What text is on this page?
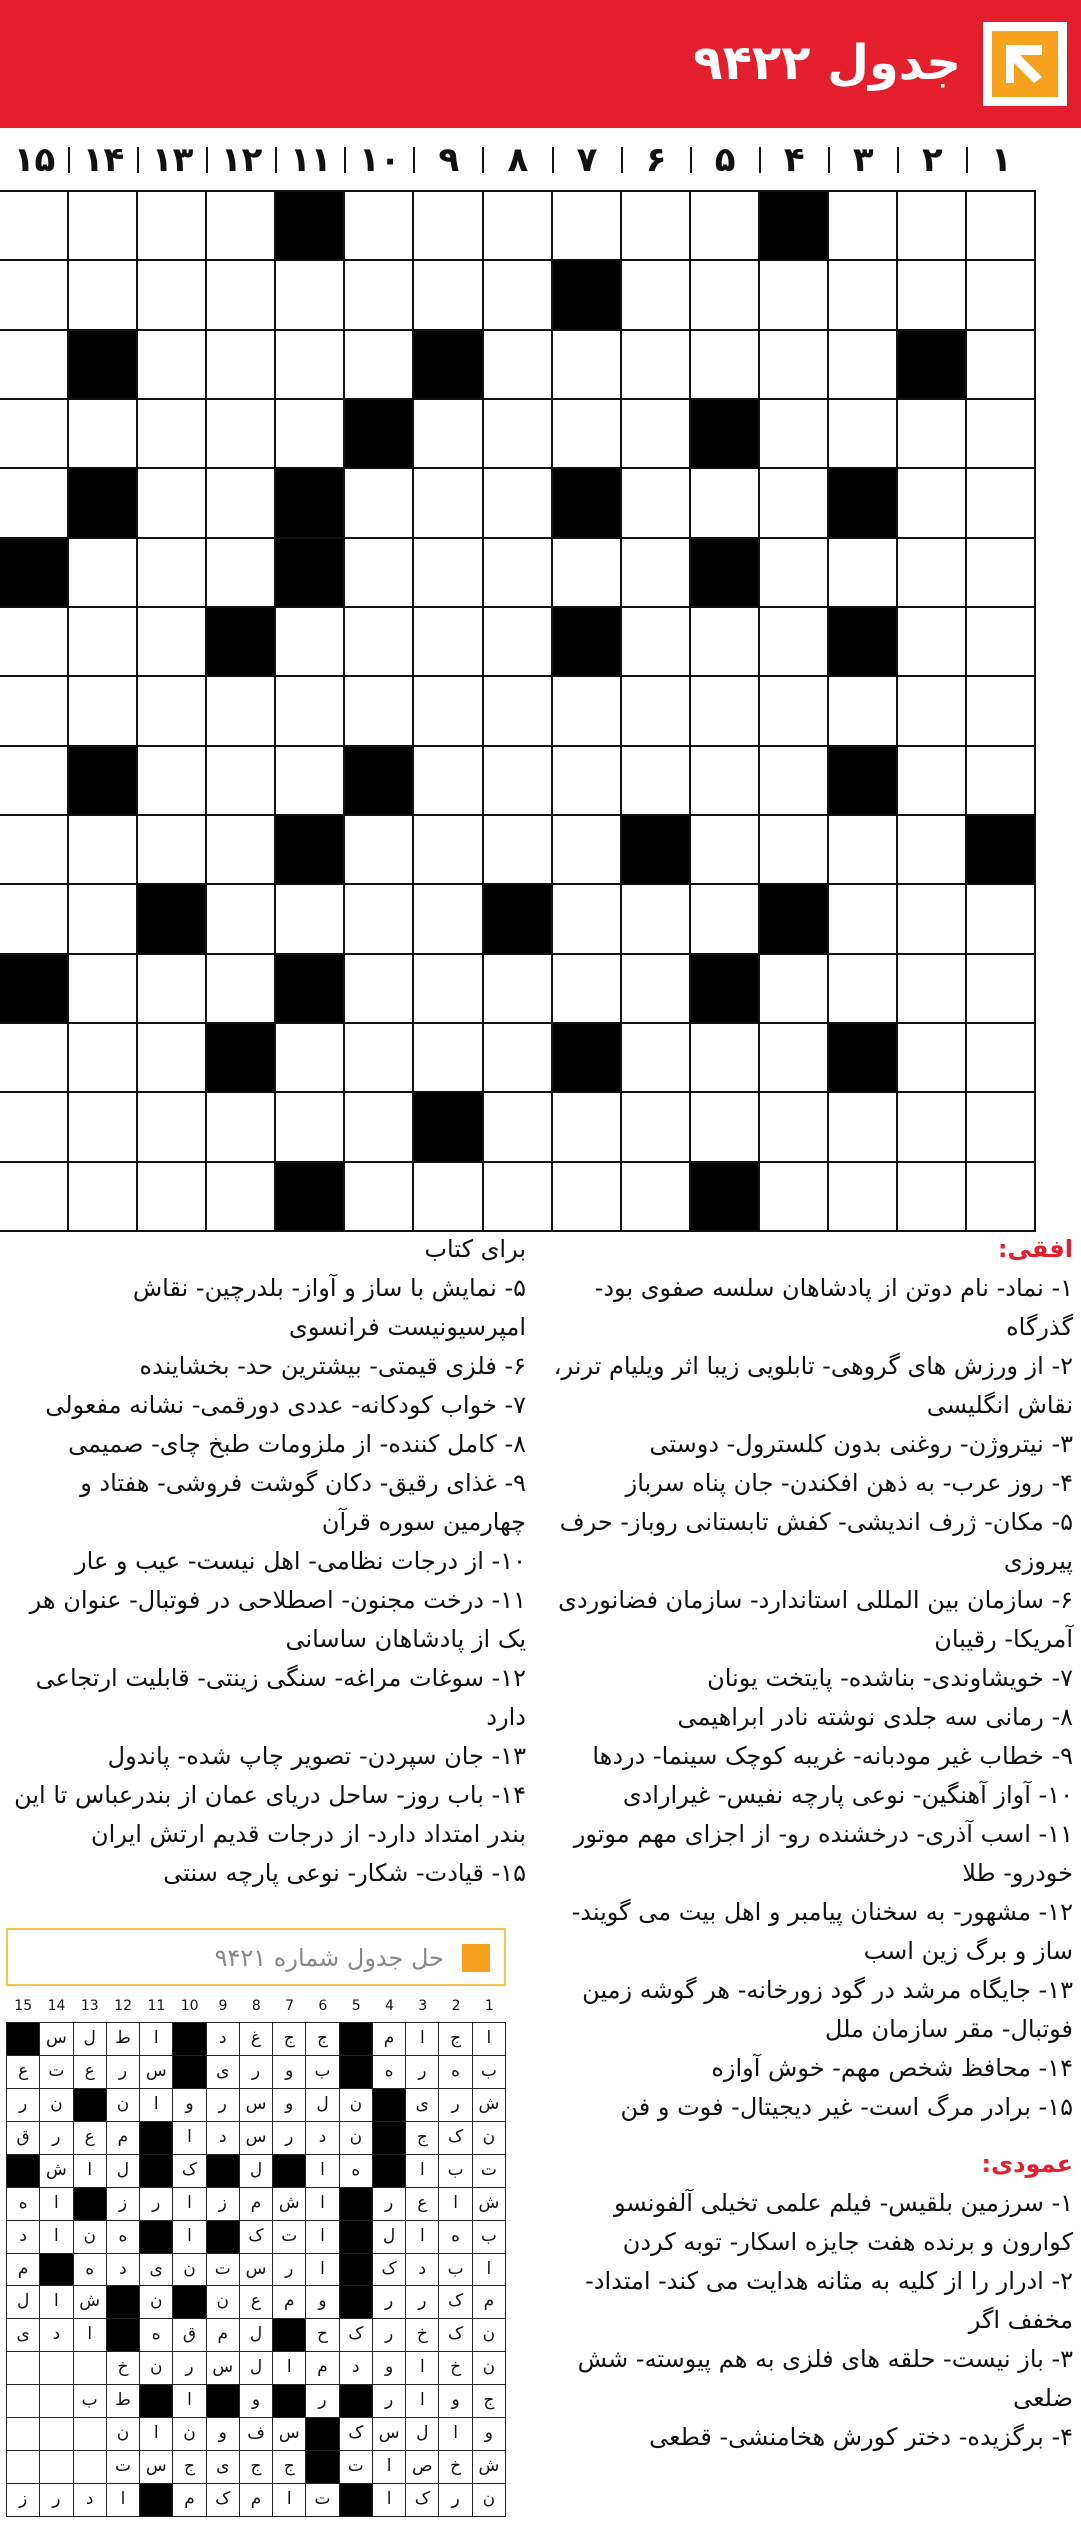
جدول ۹۴۲۲
۱
۲
۳
۴
۵
۶
۷
۸
۹
۱۰
۱۱
۱۲
۱۳
۱۴
۱۵

افقی:

۱- نماد- نام دوتن از پادشاهان سلسه صفوی بود- گذرگاه

۲- از ورزش های گروهی- تابلویی زیبا اثر ویلیام ترنر، نقاش انگلیسی

۳- نیتروژن- روغنی بدون کلسترول- دوستی

۴- روز عرب- به ذهن افکندن- جان پناه سرباز

۵- مکان- ژرف اندیشی- کفش تابستانی روباز- حرف پیروزی

۶- سازمان بین المللی استاندارد- سازمان فضانوردی آمریکا- رقیبان

۷- خویشاوندی- بناشده- پایتخت یونان

۸- رمانی سه جلدی نوشته نادر ابراهیمی

۹- خطاب غیر مودبانه- غریبه کوچک سینما- دردها

۱۰- آواز آهنگین- نوعی پارچه نفیس- غیرارادی

۱۱- اسب آذری- درخشنده رو- از اجزای مهم موتور خودرو- طلا

۱۲- مشهور- به سخنان پیامبر و اهل بیت می گویند- ساز و برگ زین اسب

۱۳- جایگاه مرشد در گود زورخانه- هر گوشه زمین فوتبال- مقر سازمان ملل

۱۴- محافظ شخص مهم- خوش آوازه

۱۵- برادر مرگ است- غیر دیجیتال- فوت و فن

عمودی:

۱- سرزمین بلقیس- فیلم علمی تخیلی آلفونسو کوارون و برنده هفت جایزه اسکار- توبه کردن

۲- ادرار را از کلیه به مثانه هدایت می کند- امتداد- مخفف اگر

۳- باز نیست- حلقه های فلزی به هم پیوسته- شش ضلعی

۴- برگزیده- دختر کورش هخامنشی- قطعی

برای کتاب

۵- نمایش با ساز و آواز- بلدرچین- نقاش امپرسیونیست فرانسوی

۶- فلزی قیمتی- بیشترین حد- بخشاینده

۷- خواب کودکانه- عددی دورقمی- نشانه مفعولی

۸- کامل کننده- از ملزومات طبخ چای- صمیمی

۹- غذای رقیق- دکان گوشت فروشی- هفتاد و چهارمین سوره قرآن

۱۰- از درجات نظامی- اهل نیست- عیب و عار

۱۱- درخت مجنون- اصطلاحی در فوتبال- عنوان هر یک از پادشاهان ساسانی

۱۲- سوغات مراغه- سنگی زینتی- قابلیت ارتجاعی دارد

۱۳- جان سپردن- تصویر چاپ شده- پاندول

۱۴- باب روز- ساحل دریای عمان از بندرعباس تا این بندر امتداد دارد- از درجات قدیم ارتش ایران

۱۵- قیادت- شکار- نوعی پارچه سنتی

حل جدول شماره ۹۴۲۱
1
2
3
4
5
6
7
8
9
10
11
12
13
14
15
ا
ج
ا
م
ج
ج
غ
د
ا
ط
ل
س
ب
ه
ر
ه
ب
و
ر
ی
س
ر
ع
ت
ع
ش
ر
ی
ن
ل
و
س
ر
و
ا
ن
ن
ر
ن
ک
ج
ن
د
ر
س
د
ا
م
ع
ر
ق
ت
ب
ا
ه
ا
ل
ک
ل
ا
ش
ش
ا
ع
ر
ا
ش
م
ز
ا
ر
ز
ا
ه
ب
ه
ا
ل
ا
ت
ک
ا
ه
ن
ا
د
ا
ب
د
ک
ا
ر
س
ت
ن
ی
د
ه
م
م
ک
ر
ر
و
م
ع
ن
ن
ش
ا
ل
ن
ک
خ
ر
ک
ح
ل
م
ق
ه
ا
د
ی
ن
خ
ا
و
د
م
ا
ل
س
ر
ن
خ
ج
و
ا
ر
ر
و
ا
ط
ب
و
ا
ل
س
ک
س
ف
و
ن
ا
ن
ش
خ
ص
ا
ت
ج
ج
ی
ج
س
ت
ن
ر
ک
ا
ت
ا
م
ک
م
ا
د
ر
ز
